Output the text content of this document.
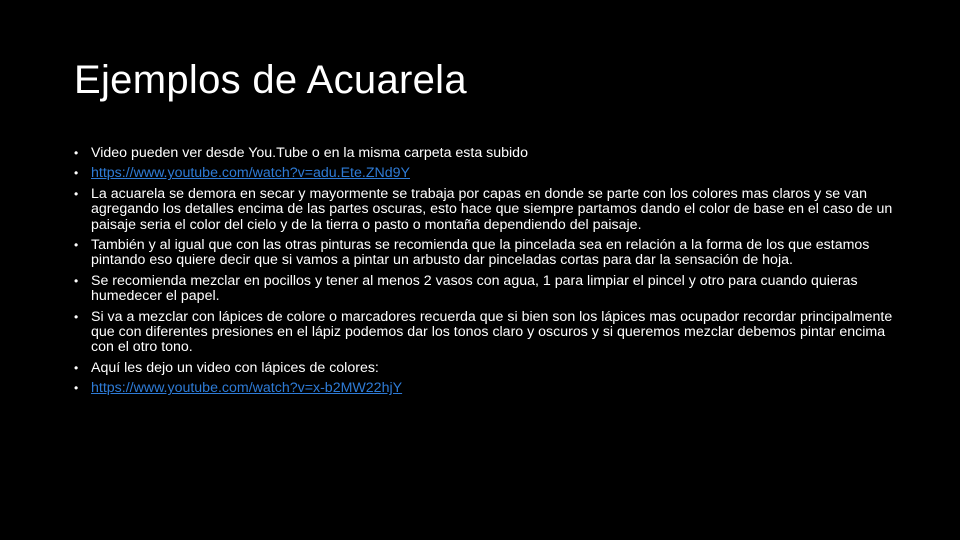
Ejemplos de Acuarela
• Video pueden ver desde You.Tube o en la misma carpeta esta subido
• https://www.youtube.com/watch?v=adu.Ete.ZNd9Y
• La acuarela se demora en secar y mayormente se trabaja por capas en donde se parte con los colores mas claros y se van agregando los detalles encima de las partes oscuras, esto hace que siempre partamos dando el color de base en el caso de un paisaje seria el color del cielo y de la tierra o pasto o montaña dependiendo del paisaje.
• También y al igual que con las otras pinturas se recomienda que la pincelada sea en relación a la forma de los que estamos pintando eso quiere decir que si vamos a pintar un arbusto dar pinceladas cortas para dar la sensación de hoja.
• Se recomienda mezclar en pocillos y tener al menos 2 vasos con agua, 1 para limpiar el pincel y otro para cuando quieras humedecer el papel.
• Si va a mezclar con lápices de colore o marcadores recuerda que si bien son los lápices mas ocupador recordar principalmente que con diferentes presiones en el lápiz podemos dar los tonos claro y oscuros y si queremos mezclar debemos pintar encima con el otro tono.
• Aquí les dejo un video con lápices de colores:
• https://www.youtube.com/watch?v=x-b2MW22hjY
